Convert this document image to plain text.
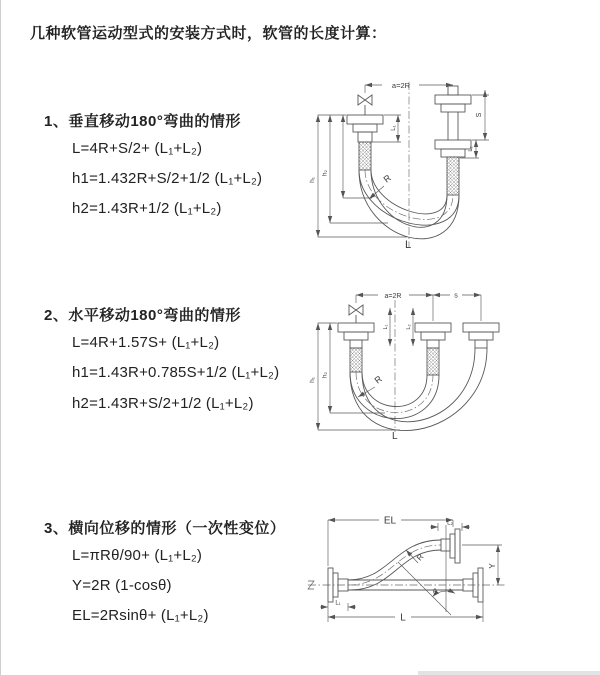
几种软管运动型式的安装方式时，软管的长度计算：
1、垂直移动180°弯曲的情形
L=4R+S/2+ (L₁+L₂)
h1=1.432R+S/2+1/2 (L₁+L₂)
h2=1.43R+1/2 (L₁+L₂)
2、水平移动180°弯曲的情形
L=4R+1.57S+ (L₁+L₂)
h1=1.43R+0.785S+1/2 (L₁+L₂)
h2=1.43R+S/2+1/2 (L₁+L₂)
3、横向位移的情形（一次性变位）
L=πRθ/90+ (L₁+L₂)
Y=2R (1-cosθ)
EL=2Rsinθ+ (L₁+L₂)
a=2R
h₁
h₂
L₁
S
L₂
R
L
a=2R	s
h₁
h₂
L₁	L₂
R
L
EL	L₂
θ
Y
R
L
L₁
